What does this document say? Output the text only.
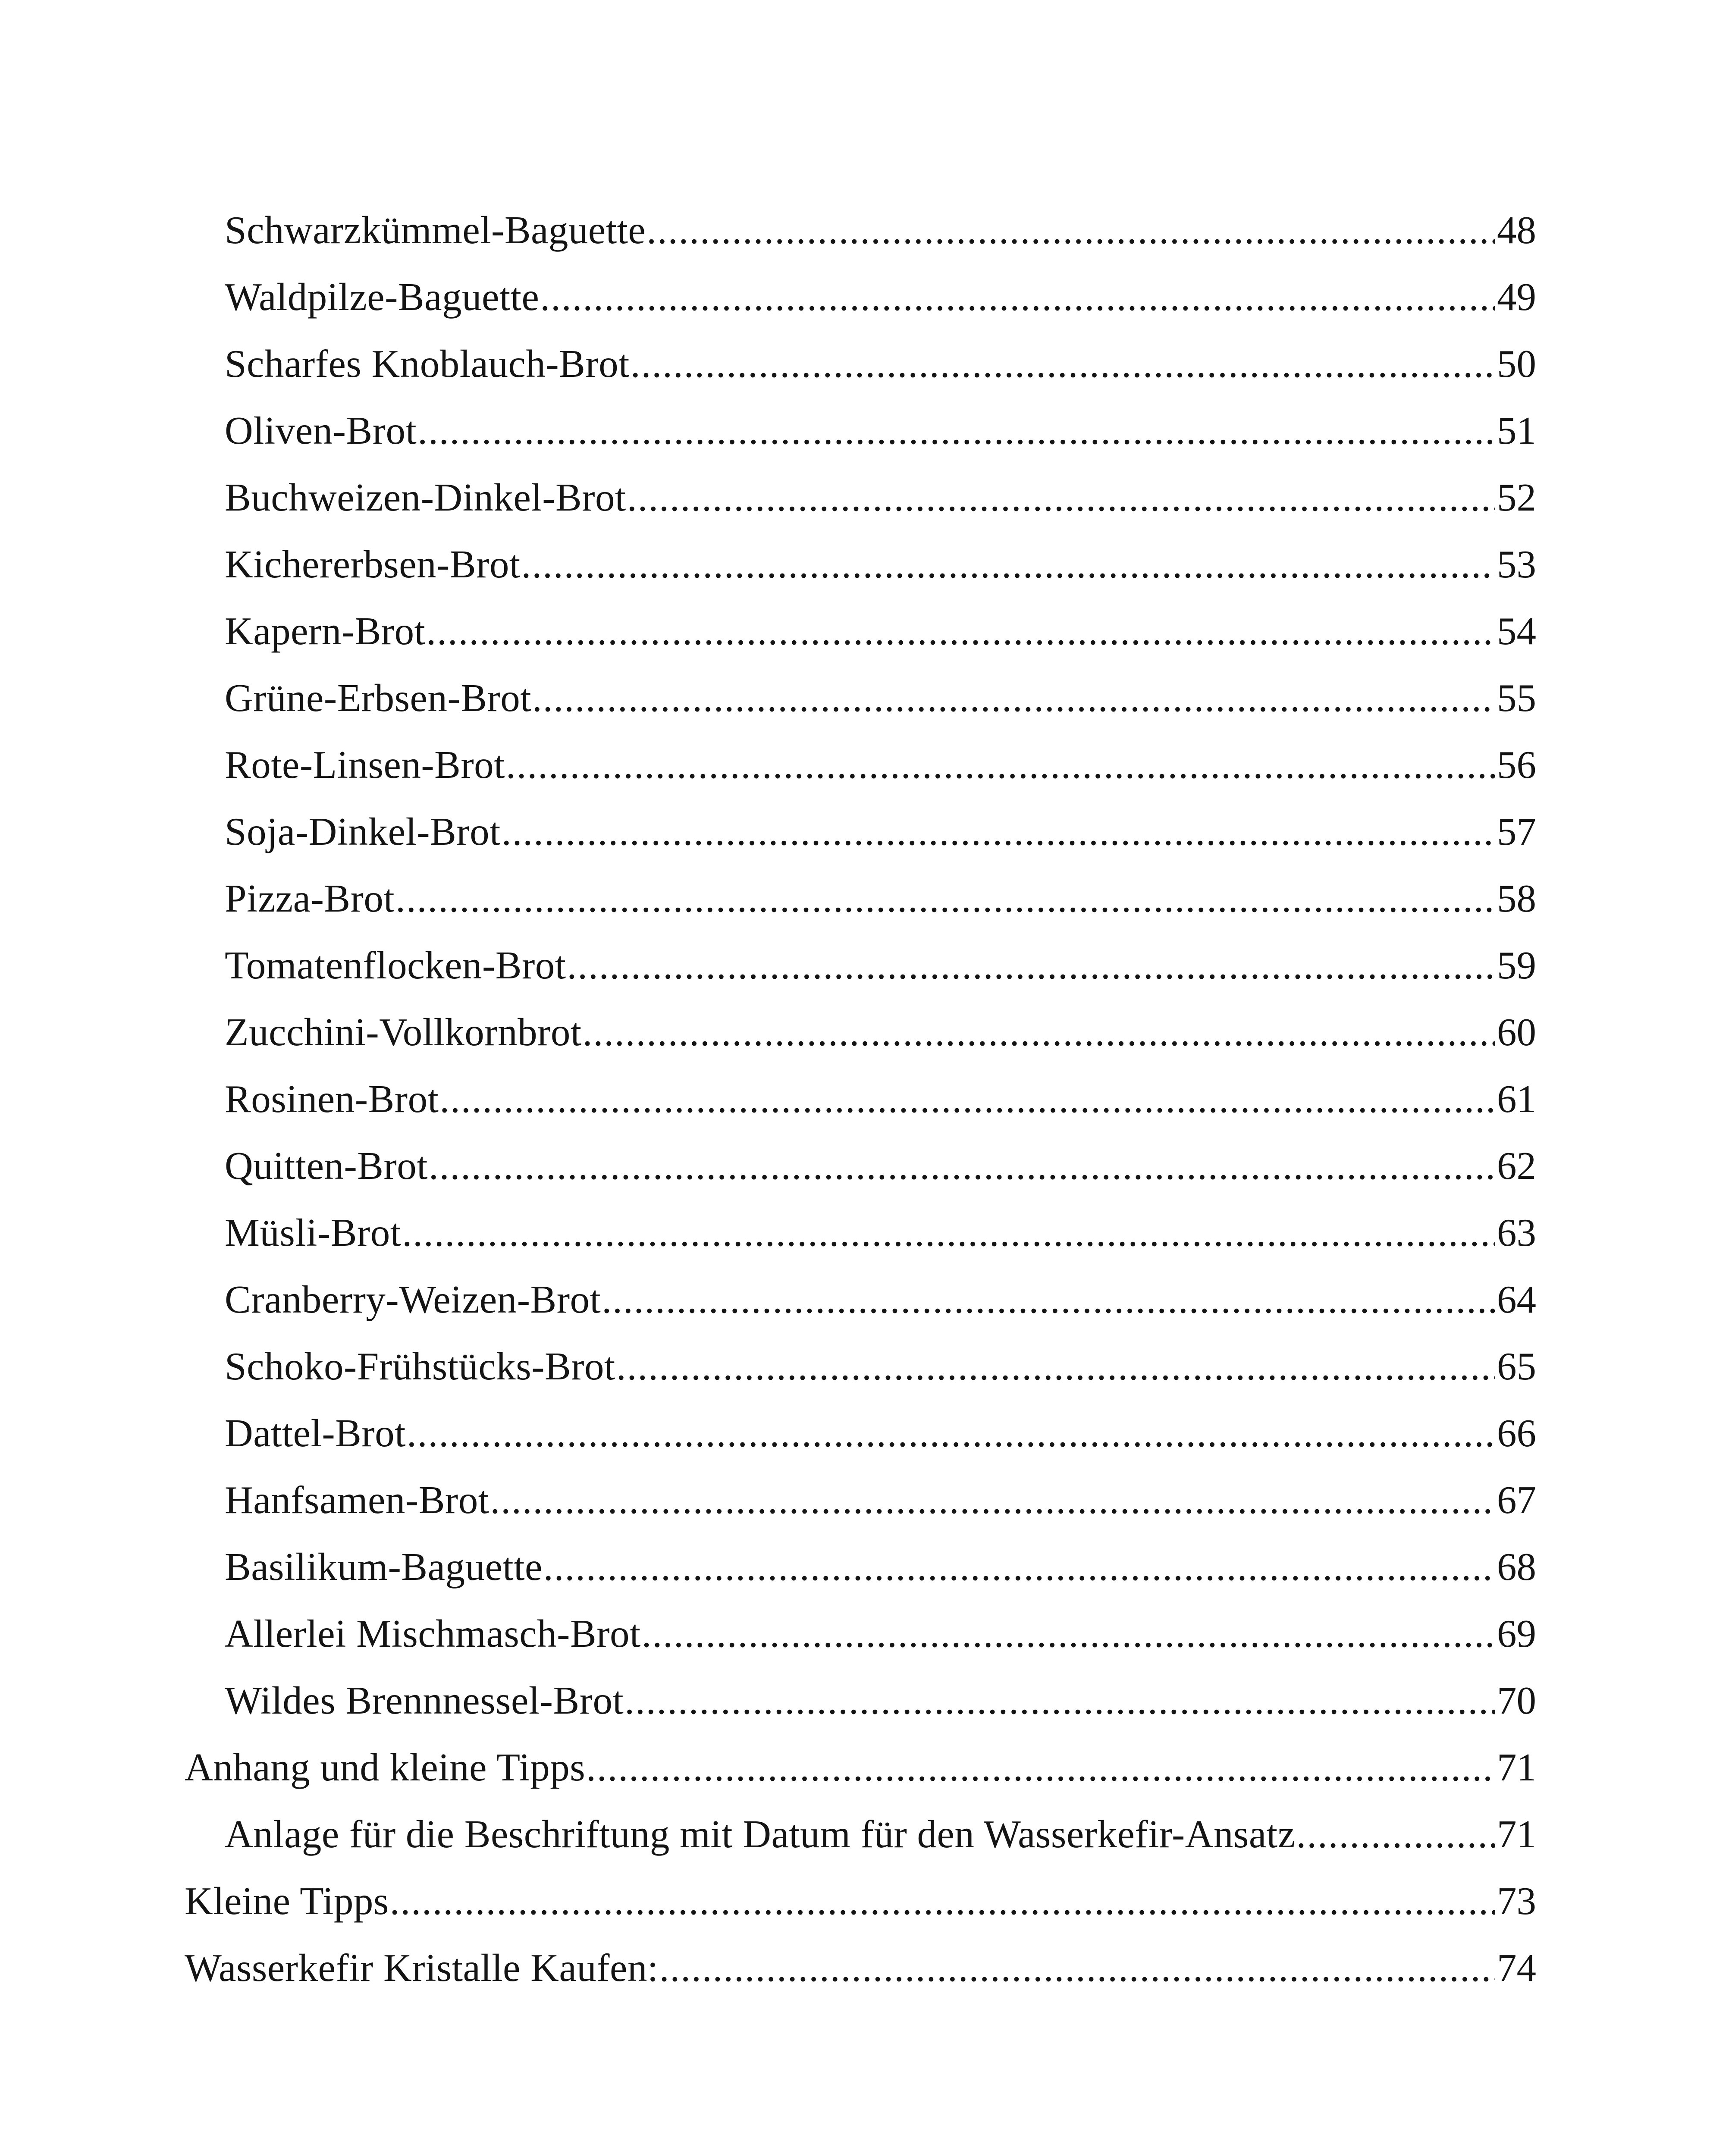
Schwarzkümmel-Baguette .....	48
Waldpilze-Baguette .....	49
Scharfes Knoblauch-Brot .....	50
Oliven-Brot .....	51
Buchweizen-Dinkel-Brot .....	52
Kichererbsen-Brot .....	53
Kapern-Brot .....	54
Grüne-Erbsen-Brot .....	55
Rote-Linsen-Brot .....	56
Soja-Dinkel-Brot .....	57
Pizza-Brot .....	58
Tomatenflocken-Brot .....	59
Zucchini-Vollkornbrot .....	60
Rosinen-Brot .....	61
Quitten-Brot .....	62
Müsli-Brot .....	63
Cranberry-Weizen-Brot .....	64
Schoko-Frühstücks-Brot .....	65
Dattel-Brot .....	66
Hanfsamen-Brot .....	67
Basilikum-Baguette .....	68
Allerlei Mischmasch-Brot .....	69
Wildes Brennnessel-Brot .....	70
Anhang und kleine Tipps .....	71
Anlage für die Beschriftung mit Datum für den Wasserkefir-Ansatz .....	71
Kleine Tipps .....	73
Wasserkefir Kristalle Kaufen: .....	74
